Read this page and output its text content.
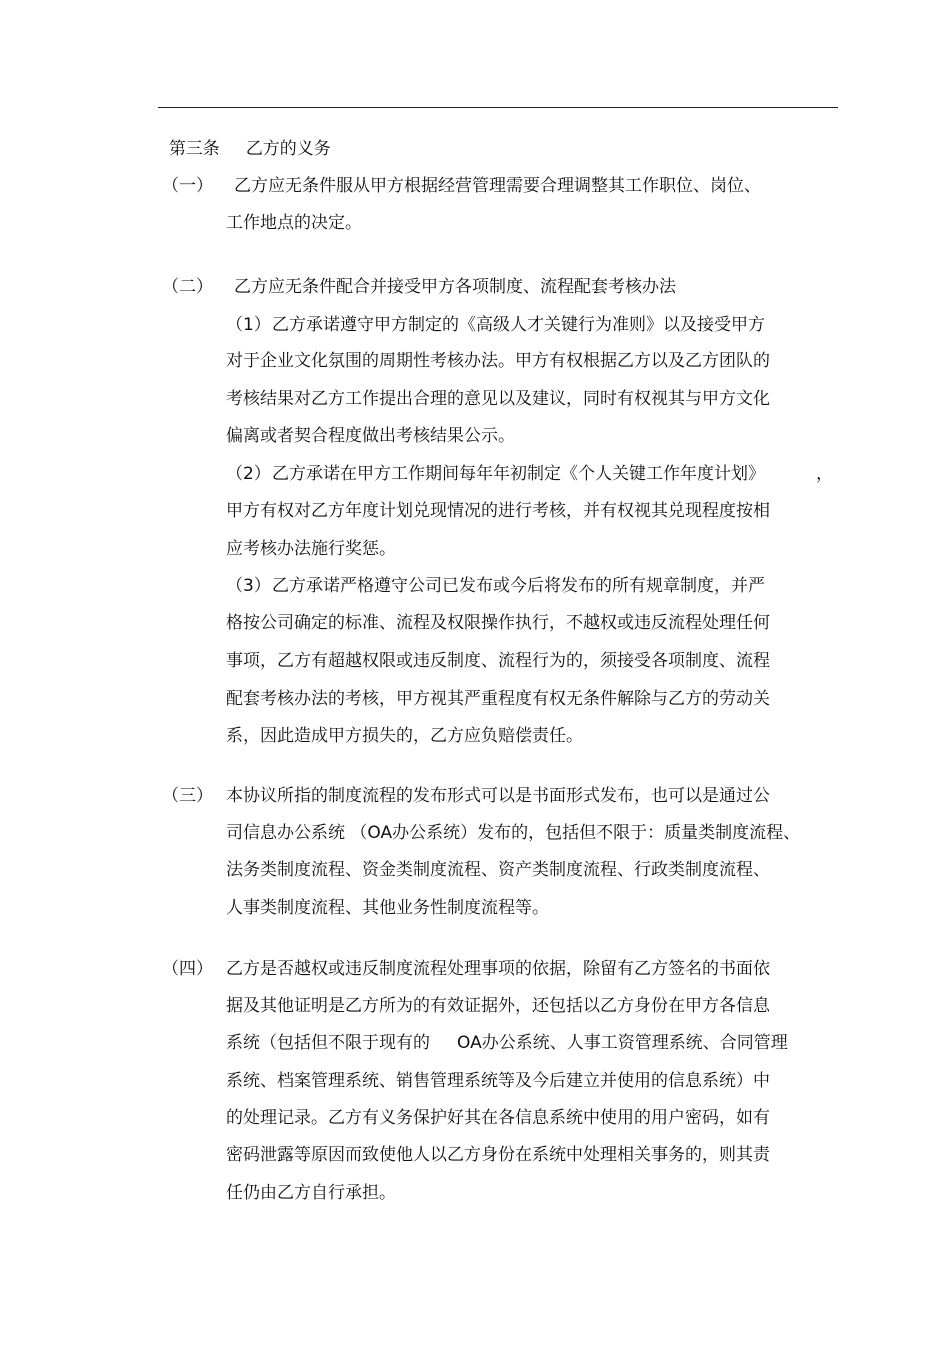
第三条 乙方的义务

（一） 乙方应无条件服从甲方根据经营管理需要合理调整其工作职位、岗位、
工作地点的决定。
（二） 乙方应无条件配合并接受甲方各项制度、流程配套考核办法
（1） 乙方承诺遵守甲方制定的《高级人才关键行为准则》以及接受甲方
对于企业文化氛围的周期性考核办法。甲方有权根据乙方以及乙方团队的
考核结果对乙方工作提出合理的意见以及建议，同时有权视其与甲方文化
偏离或者契合程度做出考核结果公示。
（2） 乙方承诺在甲方工作期间每年年初制定《个人关键工作年度计划》	，
甲方有权对乙方年度计划兑现情况的进行考核，并有权视其兑现程度按相
应考核办法施行奖惩。
（3） 乙方承诺严格遵守公司已发布或今后将发布的所有规章制度，并严
格按公司确定的标准、流程及权限操作执行，不越权或违反流程处理任何
事项，乙方有超越权限或违反制度、流程行为的，须接受各项制度、流程
配套考核办法的考核，甲方视其严重程度有权无条件解除与乙方的劳动关
系，因此造成甲方损失的，乙方应负赔偿责任。
（三） 本协议所指的制度流程的发布形式可以是书面形式发布，也可以是通过公
司信息办公系统 （OA办公系统）发布的，包括但不限于：质量类制度流程、
法务类制度流程、资金类制度流程、资产类制度流程、行政类制度流程、
人事类制度流程、其他业务性制度流程等。
（四） 乙方是否越权或违反制度流程处理事项的依据，除留有乙方签名的书面依
据及其他证明是乙方所为的有效证据外，还包括以乙方身份在甲方各信息
系统（包括但不限于现有的     OA办公系统、人事工资管理系统、合同管理
系统、档案管理系统、销售管理系统等及今后建立并使用的信息系统）中
的处理记录。乙方有义务保护好其在各信息系统中使用的用户密码，如有
密码泄露等原因而致使他人以乙方身份在系统中处理相关事务的，则其责
任仍由乙方自行承担。
